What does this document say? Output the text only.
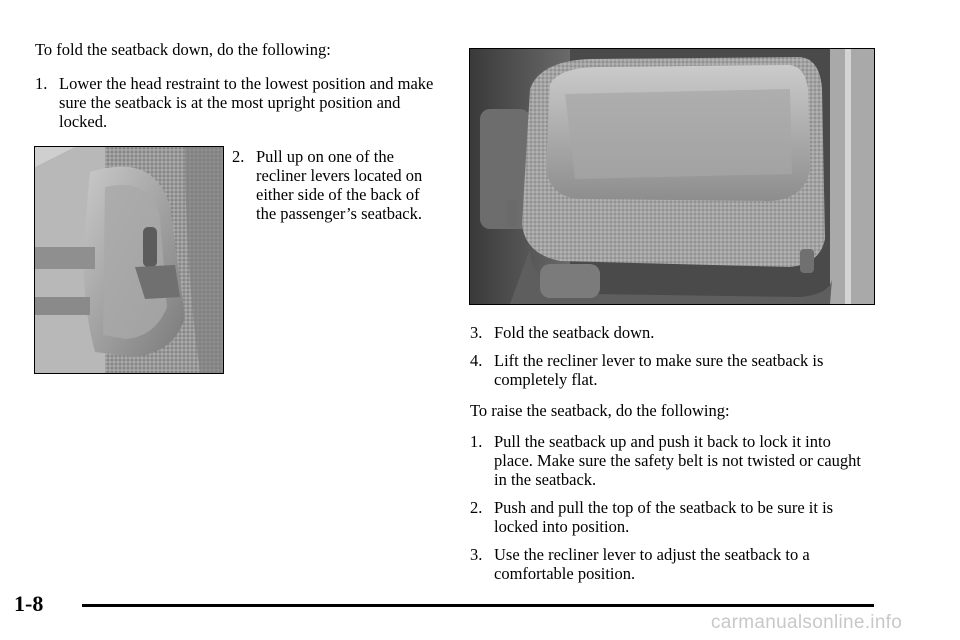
To fold the seatback down, do the following:

1. Lower the head restraint to the lowest position and make sure the seatback is at the most upright position and locked.
2. Pull up on one of the recliner levers located on either side of the back of the passenger’s seatback.
3. Fold the seatback down.
4. Lift the recliner lever to make sure the seatback is completely flat.

To raise the seatback, do the following:

1. Pull the seatback up and push it back to lock it into place. Make sure the safety belt is not twisted or caught in the seatback.
2. Push and pull the top of the seatback to be sure it is locked into position.
3. Use the recliner lever to adjust the seatback to a comfortable position.
1-8
carmanualsonline.info
